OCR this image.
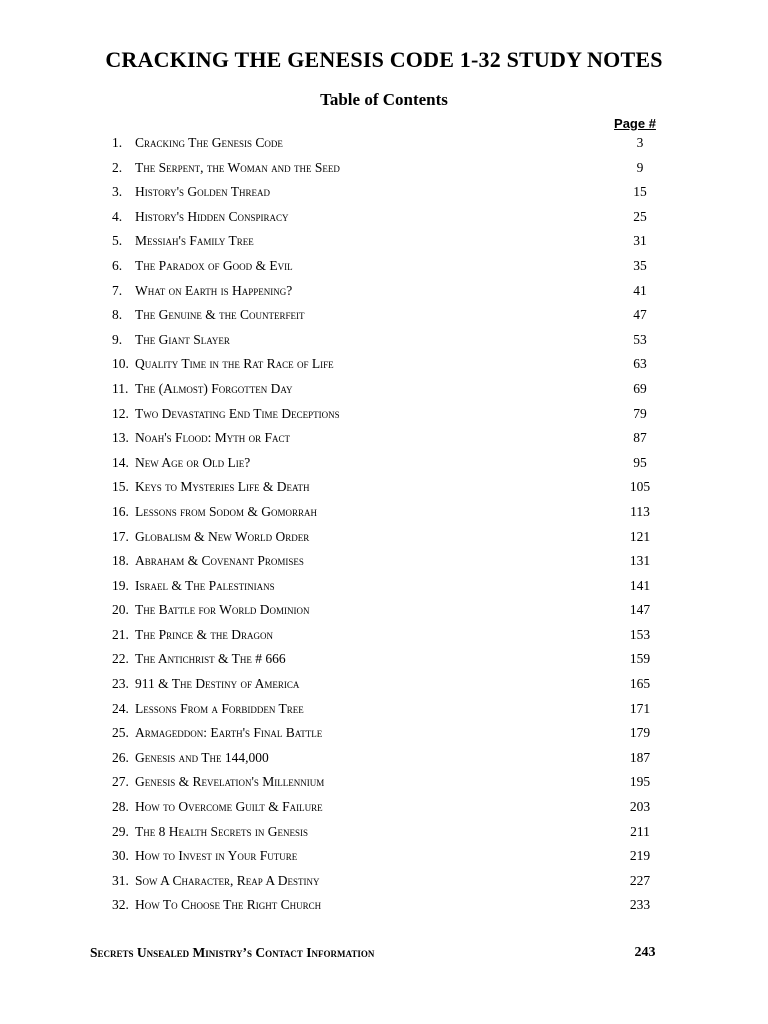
CRACKING THE GENESIS CODE 1-32 STUDY NOTES
Table of Contents
Page #
1. Cracking The Genesis Code	3
2. The Serpent, the Woman and the Seed	9
3. History's Golden Thread	15
4. History's Hidden Conspiracy	25
5. Messiah's Family Tree	31
6. The Paradox of Good & Evil	35
7. What on Earth is Happening?	41
8. The Genuine & the Counterfeit	47
9. The Giant Slayer	53
10. Quality Time in the Rat Race of Life	63
11. The (Almost) Forgotten Day	69
12. Two Devastating End Time Deceptions	79
13. Noah's Flood: Myth or Fact	87
14. New Age or Old Lie?	95
15. Keys to Mysteries Life & Death	105
16. Lessons from Sodom & Gomorrah	113
17. Globalism & New World Order	121
18. Abraham & Covenant Promises	131
19. Israel & The Palestinians	141
20. The Battle for World Dominion	147
21. The Prince & the Dragon	153
22. The Antichrist & The # 666	159
23. 911 & The Destiny of America	165
24. Lessons From a Forbidden Tree	171
25. Armageddon: Earth's Final Battle	179
26. Genesis and The 144,000	187
27. Genesis & Revelation's Millennium	195
28. How to Overcome Guilt & Failure	203
29. The 8 Health Secrets in Genesis	211
30. How to Invest in Your Future	219
31. Sow A Character, Reap A Destiny	227
32. How To Choose The Right Church	233
Secrets Unsealed Ministry’s Contact Information	243
